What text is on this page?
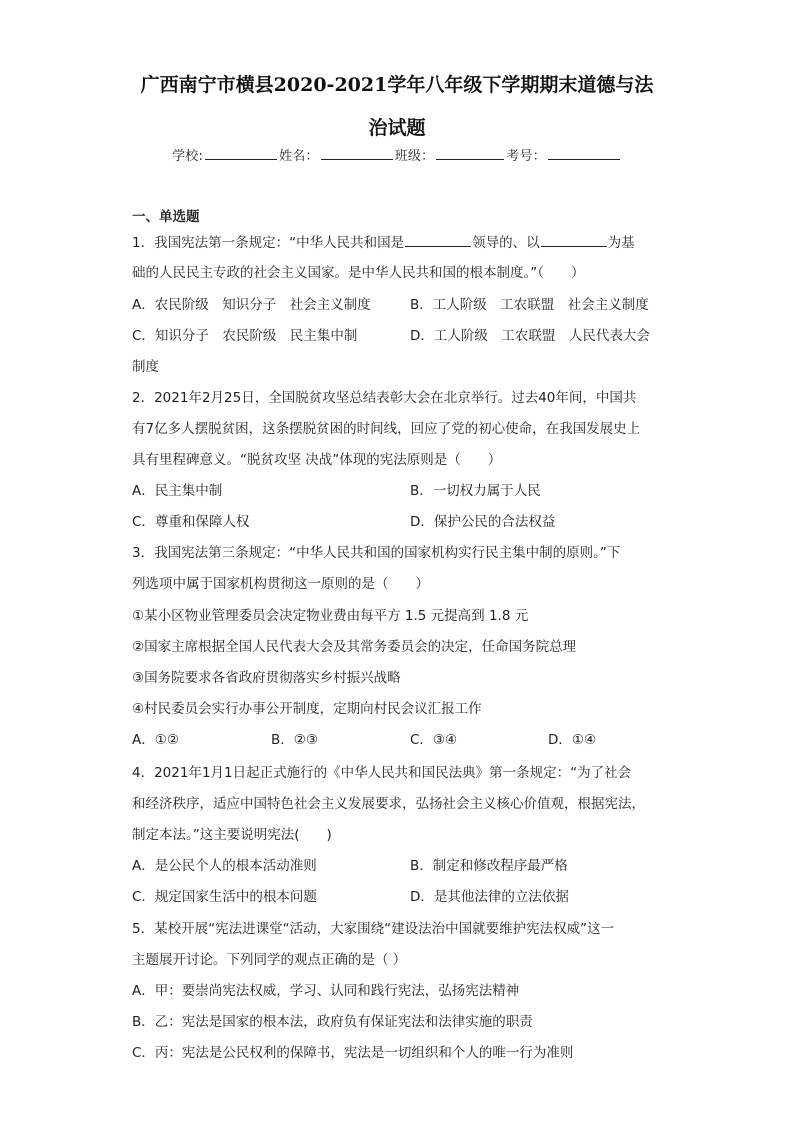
广西南宁市横县2020-2021学年八年级下学期期末道德与法
治试题
学校:	姓名：	班级：	考号：
一、单选题
1．我国宪法第一条规定：“中华人民共和国是	领导的、以	为基
础的人民民主专政的社会主义国家。是中华人民共和国的根本制度。”（　　）
A．农民阶级　知识分子　社会主义制度	B．工人阶级　工农联盟　社会主义制度
C．知识分子　农民阶级　民主集中制	D．工人阶级　工农联盟　人民代表大会
制度
2．2021年2月25日，全国脱贫攻坚总结表彰大会在北京举行。过去40年间，中国共
有7亿多人摆脱贫困，这条摆脱贫困的时间线，回应了党的初心使命，在我国发展史上
具有里程碑意义。“脱贫攻坚 决战”体现的宪法原则是（　　）
A．民主集中制	B．一切权力属于人民
C．尊重和保障人权	D．保护公民的合法权益
3．我国宪法第三条规定：“中华人民共和国的国家机构实行民主集中制的原则。”下
列选项中属于国家机构贯彻这一原则的是（　　）
①某小区物业管理委员会决定物业费由每平方 1.5 元提高到 1.8 元
②国家主席根据全国人民代表大会及其常务委员会的决定，任命国务院总理
③国务院要求各省政府贯彻落实乡村振兴战略
④村民委员会实行办事公开制度，定期向村民会议汇报工作
A．①②	B．②③	C．③④	D．①④
4．2021年1月1日起正式施行的《中华人民共和国民法典》第一条规定：“为了社会
和经济秩序，适应中国特色社会主义发展要求，弘扬社会主义核心价值观，根据宪法，
制定本法。”这主要说明宪法(　　)
A．是公民个人的根本活动准则	B．制定和修改程序最严格
C．规定国家生活中的根本问题	D．是其他法律的立法依据
5．某校开展“宪法进课堂“活动，大家围绕“建设法治中国就要维护宪法权威”这一
主题展开讨论。下列同学的观点正确的是（ ）
A．甲：要崇尚宪法权威，学习、认同和践行宪法，弘扬宪法精神
B．乙：宪法是国家的根本法，政府负有保证宪法和法律实施的职责
C．丙：宪法是公民权利的保障书，宪法是一切组织和个人的唯一行为准则
